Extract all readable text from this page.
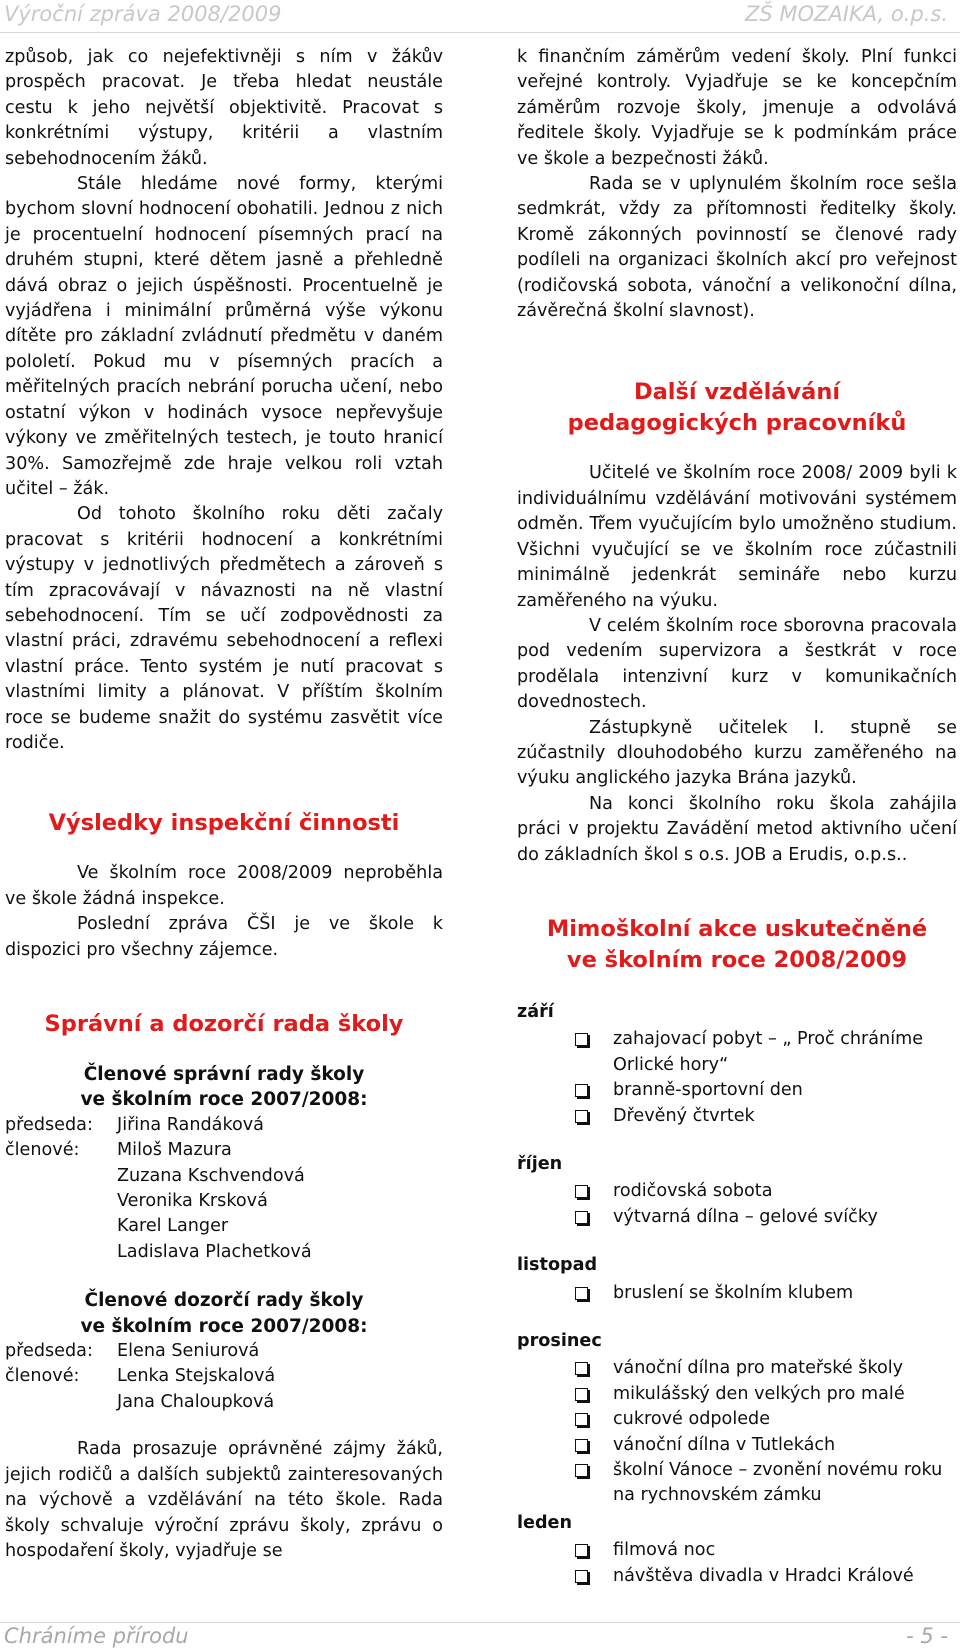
Výroční zpráva 2008/2009	ZŠ MOZAIKA, o.p.s.

způsob, jak co nejefektivněji s ním v žákův prospěch pracovat. Je třeba hledat neustále cestu k jeho největší objektivitě. Pracovat s konkrétními výstupy, kritérii a vlastním sebehodnocením žáků.

Stále hledáme nové formy, kterými bychom slovní hodnocení obohatili. Jednou z nich je procentuelní hodnocení písemných prací na druhém stupni, které dětem jasně a přehledně dává obraz o jejich úspěšnosti. Procentuelně je vyjádřena i minimální průměrná výše výkonu dítěte pro základní zvládnutí předmětu v daném pololetí. Pokud mu v písemných pracích a měřitelných pracích nebrání porucha učení, nebo ostatní výkon v hodinách vysoce nepřevyšuje výkony ve změřitelných testech, je touto hranicí 30%. Samozřejmě zde hraje velkou roli vztah učitel – žák.

Od tohoto školního roku děti začaly pracovat s kritérii hodnocení a konkrétními výstupy v jednotlivých předmětech a zároveň s tím zpracovávají v návaznosti na ně vlastní sebehodnocení. Tím se učí zodpovědnosti za vlastní práci, zdravému sebehodnocení a reflexi vlastní práce. Tento systém je nutí pracovat s vlastními limity a plánovat. V příštím školním roce se budeme snažit do systému zasvětit více rodiče.

Výsledky inspekční činnosti

Ve školním roce 2008/2009 neproběhla ve škole žádná inspekce.

Poslední zpráva ČŠI je ve škole k dispozici pro všechny zájemce.

Správní a dozorčí rada školy
Členové správní rady školy
ve školním roce 2007/2008:
předseda:	Jiřina Randáková
členové:	Miloš Mazura
Zuzana Kschvendová
Veronika Krsková
Karel Langer
Ladislava Plachetková
Členové dozorčí rady školy
ve školním roce 2007/2008:
předseda:	Elena Seniurová
členové:	Lenka Stejskalová
Jana Chaloupková

Rada prosazuje oprávněné zájmy žáků, jejich rodičů a dalších subjektů zainteresovaných na výchově a vzdělávání na této škole. Rada školy schvaluje výroční zprávu školy, zprávu o hospodaření školy, vyjadřuje se

k finančním záměrům vedení školy. Plní funkci veřejné kontroly. Vyjadřuje se ke koncepčním záměrům rozvoje školy, jmenuje a odvolává ředitele školy. Vyjadřuje se k podmínkám práce ve škole a bezpečnosti žáků.

Rada se v uplynulém školním roce sešla sedmkrát, vždy za přítomnosti ředitelky školy. Kromě zákonných povinností se členové rady podíleli na organizaci školních akcí pro veřejnost (rodičovská sobota, vánoční a velikonoční dílna, závěrečná školní slavnost).

Další vzdělávání
pedagogických pracovníků

Učitelé ve školním roce 2008/ 2009 byli k individuálnímu vzdělávání motivováni systémem odměn. Třem vyučujícím bylo umožněno studium. Všichni vyučující se ve školním roce zúčastnili minimálně jedenkrát semináře nebo kurzu zaměřeného na výuku.

V celém školním roce sborovna pracovala pod vedením supervizora a šestkrát v roce prodělala intenzivní kurz v komunikačních dovednostech.

Zástupkyně učitelek I. stupně se zúčastnily dlouhodobého kurzu zaměřeného na výuku anglického jazyka Brána jazyků.

Na konci školního roku škola zahájila práci v projektu Zavádění metod aktivního učení do základních škol s o.s. JOB a Erudis, o.p.s..

Mimoškolní akce uskutečněné
ve školním roce 2008/2009
září
zahajovací pobyt – „ Proč chráníme Orlické hory“
branně-sportovní den
Dřevěný čtvrtek
říjen
rodičovská sobota
výtvarná dílna – gelové svíčky
listopad
bruslení se školním klubem
prosinec
vánoční dílna pro mateřské školy
mikulášský den velkých pro malé
cukrové odpolede
vánoční dílna v Tutlekách
školní Vánoce – zvonění novému roku na rychnovském zámku
leden
filmová noc
návštěva divadla v Hradci Králové
Chráníme přírodu	- 5 -
